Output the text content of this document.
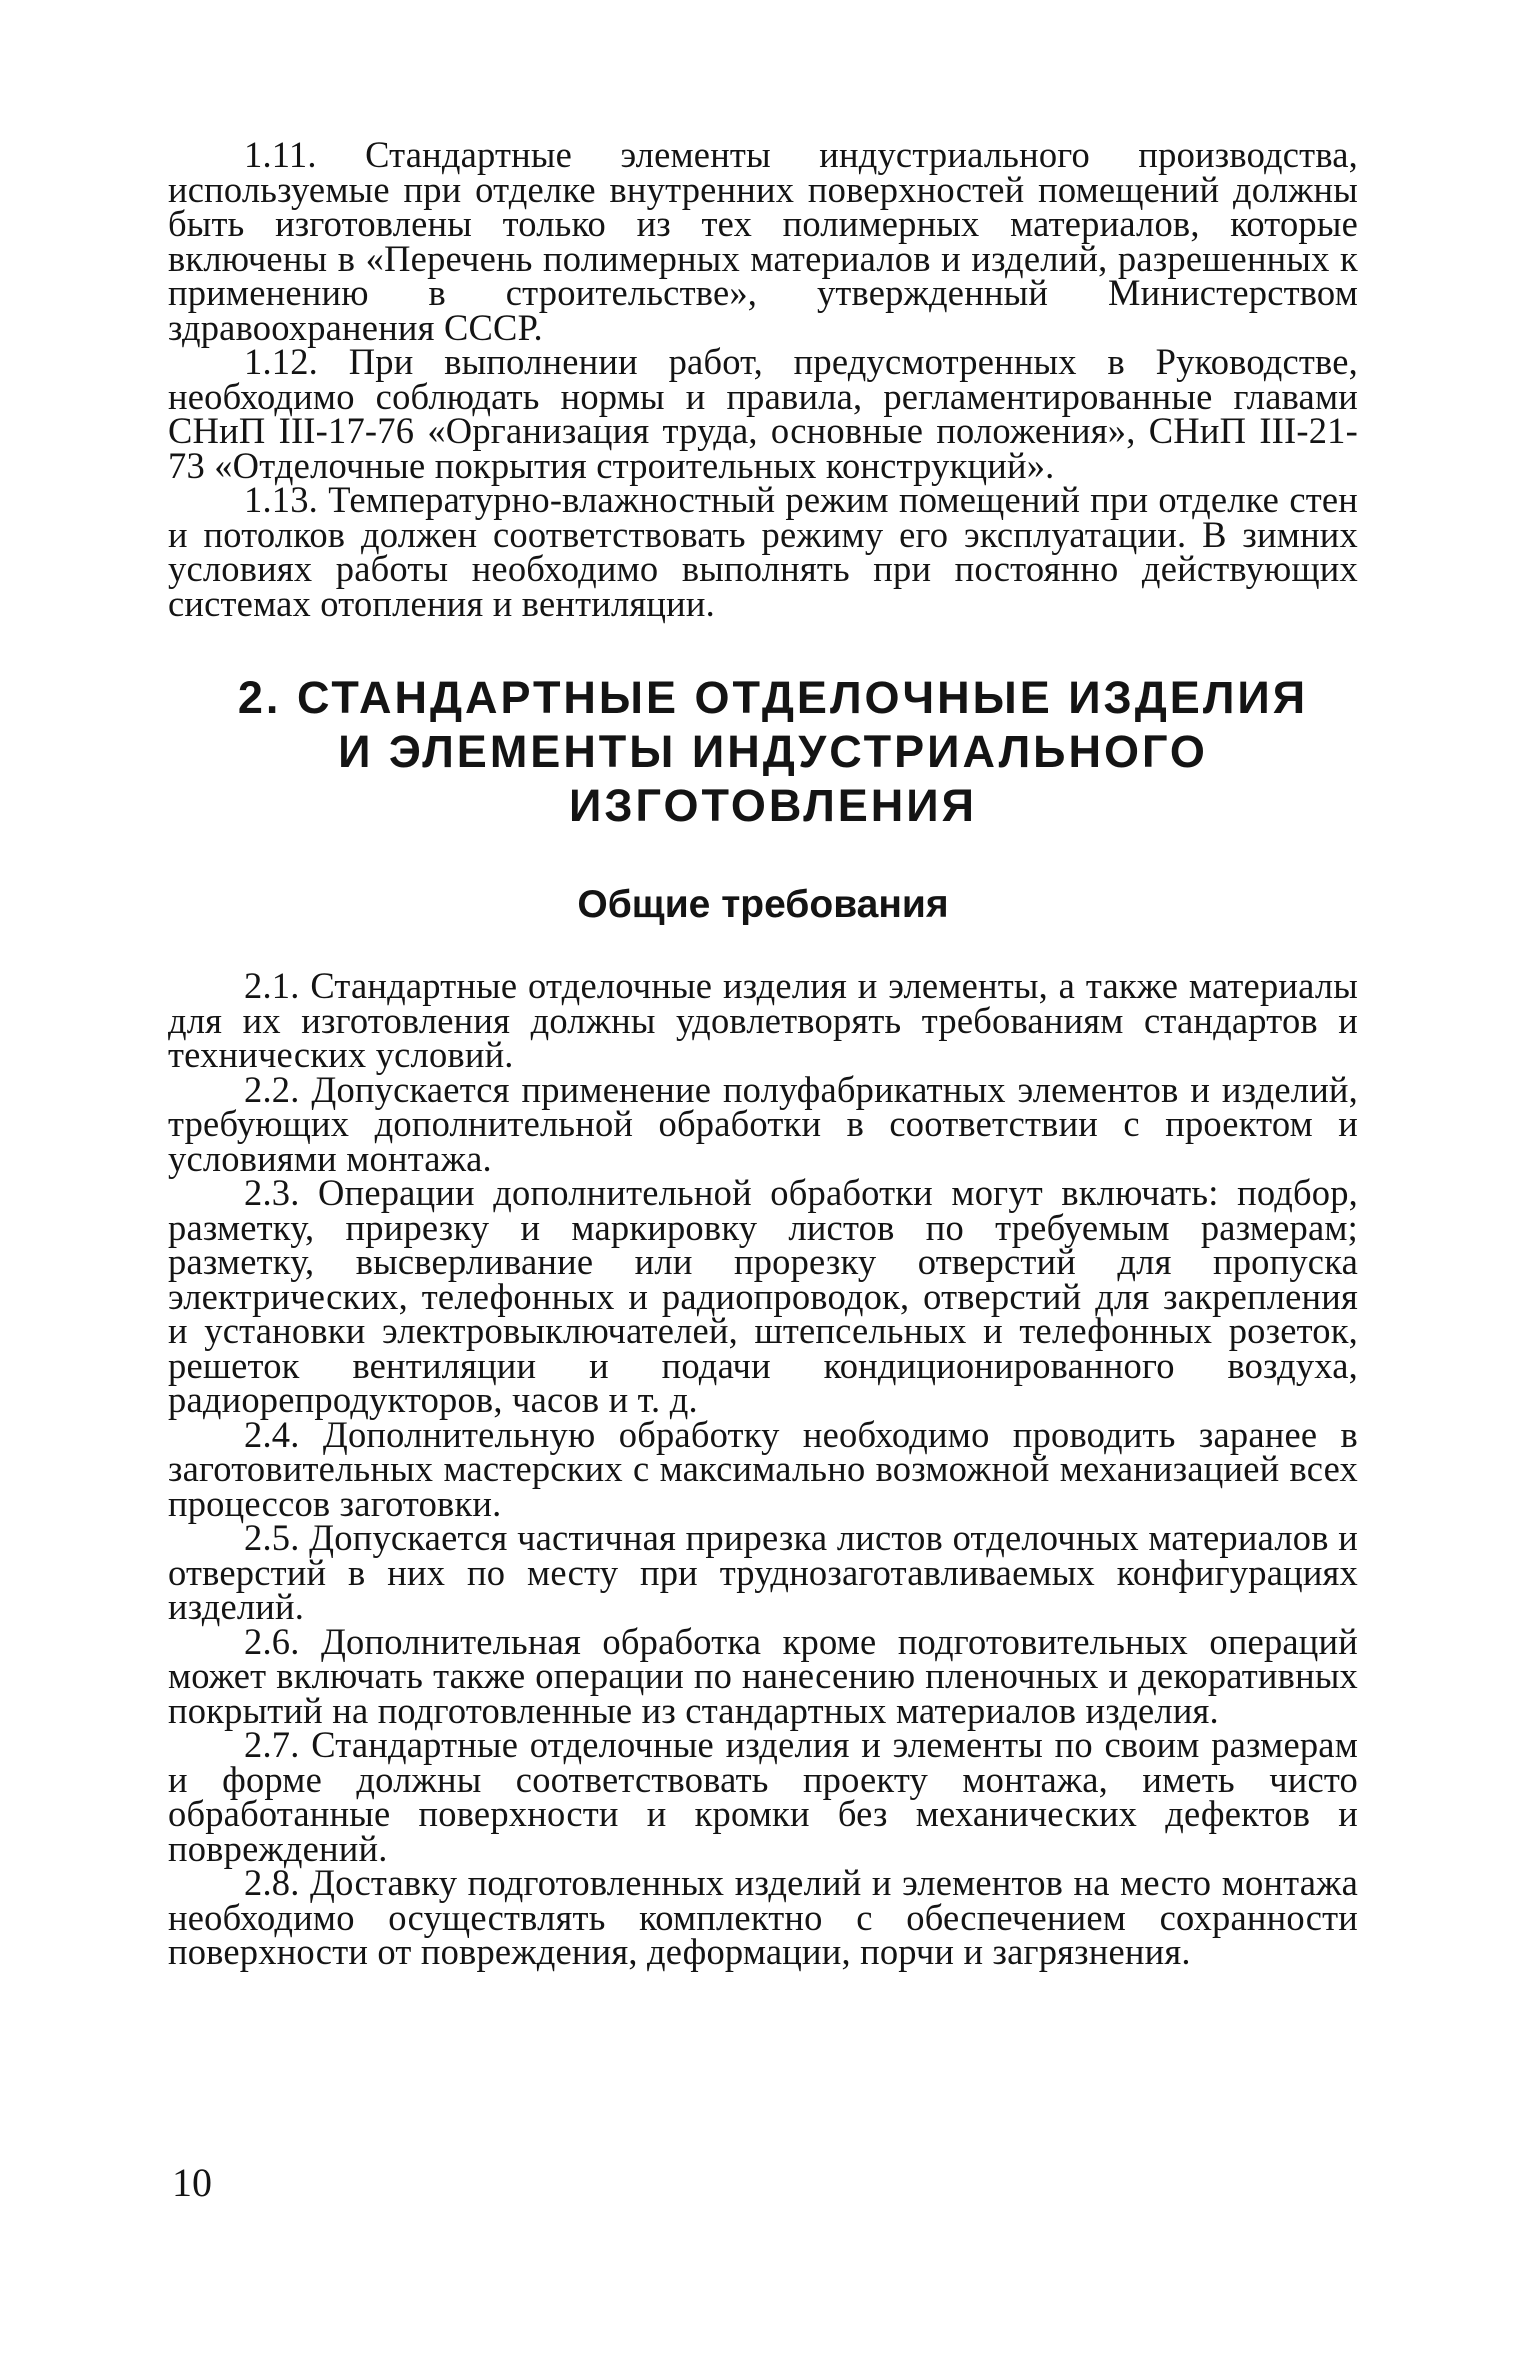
1.11. Стандартные элементы индустриального производства, используемые при отделке внутренних поверхностей помещений должны быть изготовлены только из тех полимерных материалов, которые включены в «Перечень полимерных материалов и изделий, разрешенных к применению в строительстве», утвержденный Министерством здравоохранения СССР.

1.12. При выполнении работ, предусмотренных в Руководстве, необходимо соблюдать нормы и правила, регламентированные главами СНиП III-17-76 «Организация труда, основные положения», СНиП III-21-73 «Отделочные покрытия строительных конструкций».

1.13. Температурно-влажностный режим помещений при отделке стен и потолков должен соответствовать режиму его эксплуатации. В зимних условиях работы необходимо выполнять при постоянно действующих системах отопления и вентиляции.

2. СТАНДАРТНЫЕ ОТДЕЛОЧНЫЕ ИЗДЕЛИЯ

И ЭЛЕМЕНТЫ ИНДУСТРИАЛЬНОГО

ИЗГОТОВЛЕНИЯ

Общие требования

2.1. Стандартные отделочные изделия и элементы, а также материалы для их изготовления должны удовлетворять требованиям стандартов и технических условий.

2.2. Допускается применение полуфабрикатных элементов и изделий, требующих дополнительной обработки в соответствии с проектом и условиями монтажа.

2.3. Операции дополнительной обработки могут включать: подбор, разметку, прирезку и маркировку листов по требуемым размерам; разметку, высверливание или прорезку отверстий для пропуска электрических, телефонных и радиопроводок, отверстий для закрепления и установки электровыключателей, штепсельных и телефонных розеток, решеток вентиляции и подачи кондиционированного воздуха, радиорепродукторов, часов и т. д.

2.4. Дополнительную обработку необходимо проводить заранее в заготовительных мастерских с максимально возможной механизацией всех процессов заготовки.

2.5. Допускается частичная прирезка листов отделочных материалов и отверстий в них по месту при труднозаготавливаемых конфигурациях изделий.

2.6. Дополнительная обработка кроме подготовительных операций может включать также операции по нанесению пленочных и декоративных покрытий на подготовленные из стандартных материалов изделия.

2.7. Стандартные отделочные изделия и элементы по своим размерам и форме должны соответствовать проекту монтажа, иметь чисто обработанные поверхности и кромки без механических дефектов и повреждений.

2.8. Доставку подготовленных изделий и элементов на место монтажа необходимо осуществлять комплектно с обеспечением сохранности поверхности от повреждения, деформации, порчи и загрязнения.

10
